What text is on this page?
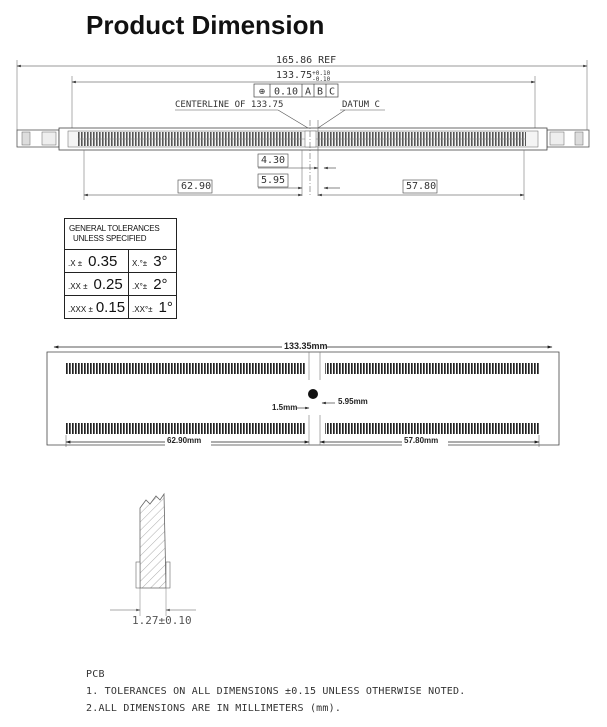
Product Dimension
⊕ 0.10 A B C
165.86 REF
133.75+0.10
-0.10
CENTERLINE OF 133.75	DATUM C
4.30
5.95
62.90	57.80
GENERAL TOLERANCES
UNLESS SPECIFIED	
.X ± 0.35	X.°± 3°
.XX ± 0.25	.X°± 2°
.XXX ± 0.15	.XX°± 1°
133.35mm
1.5mm
5.95mm
62.90mm	57.80mm
1.27±0.10
PCB
1. TOLERANCES ON ALL DIMENSIONS ±0.15 UNLESS OTHERWISE NOTED.
2.ALL DIMENSIONS ARE IN MILLIMETERS (mm).
